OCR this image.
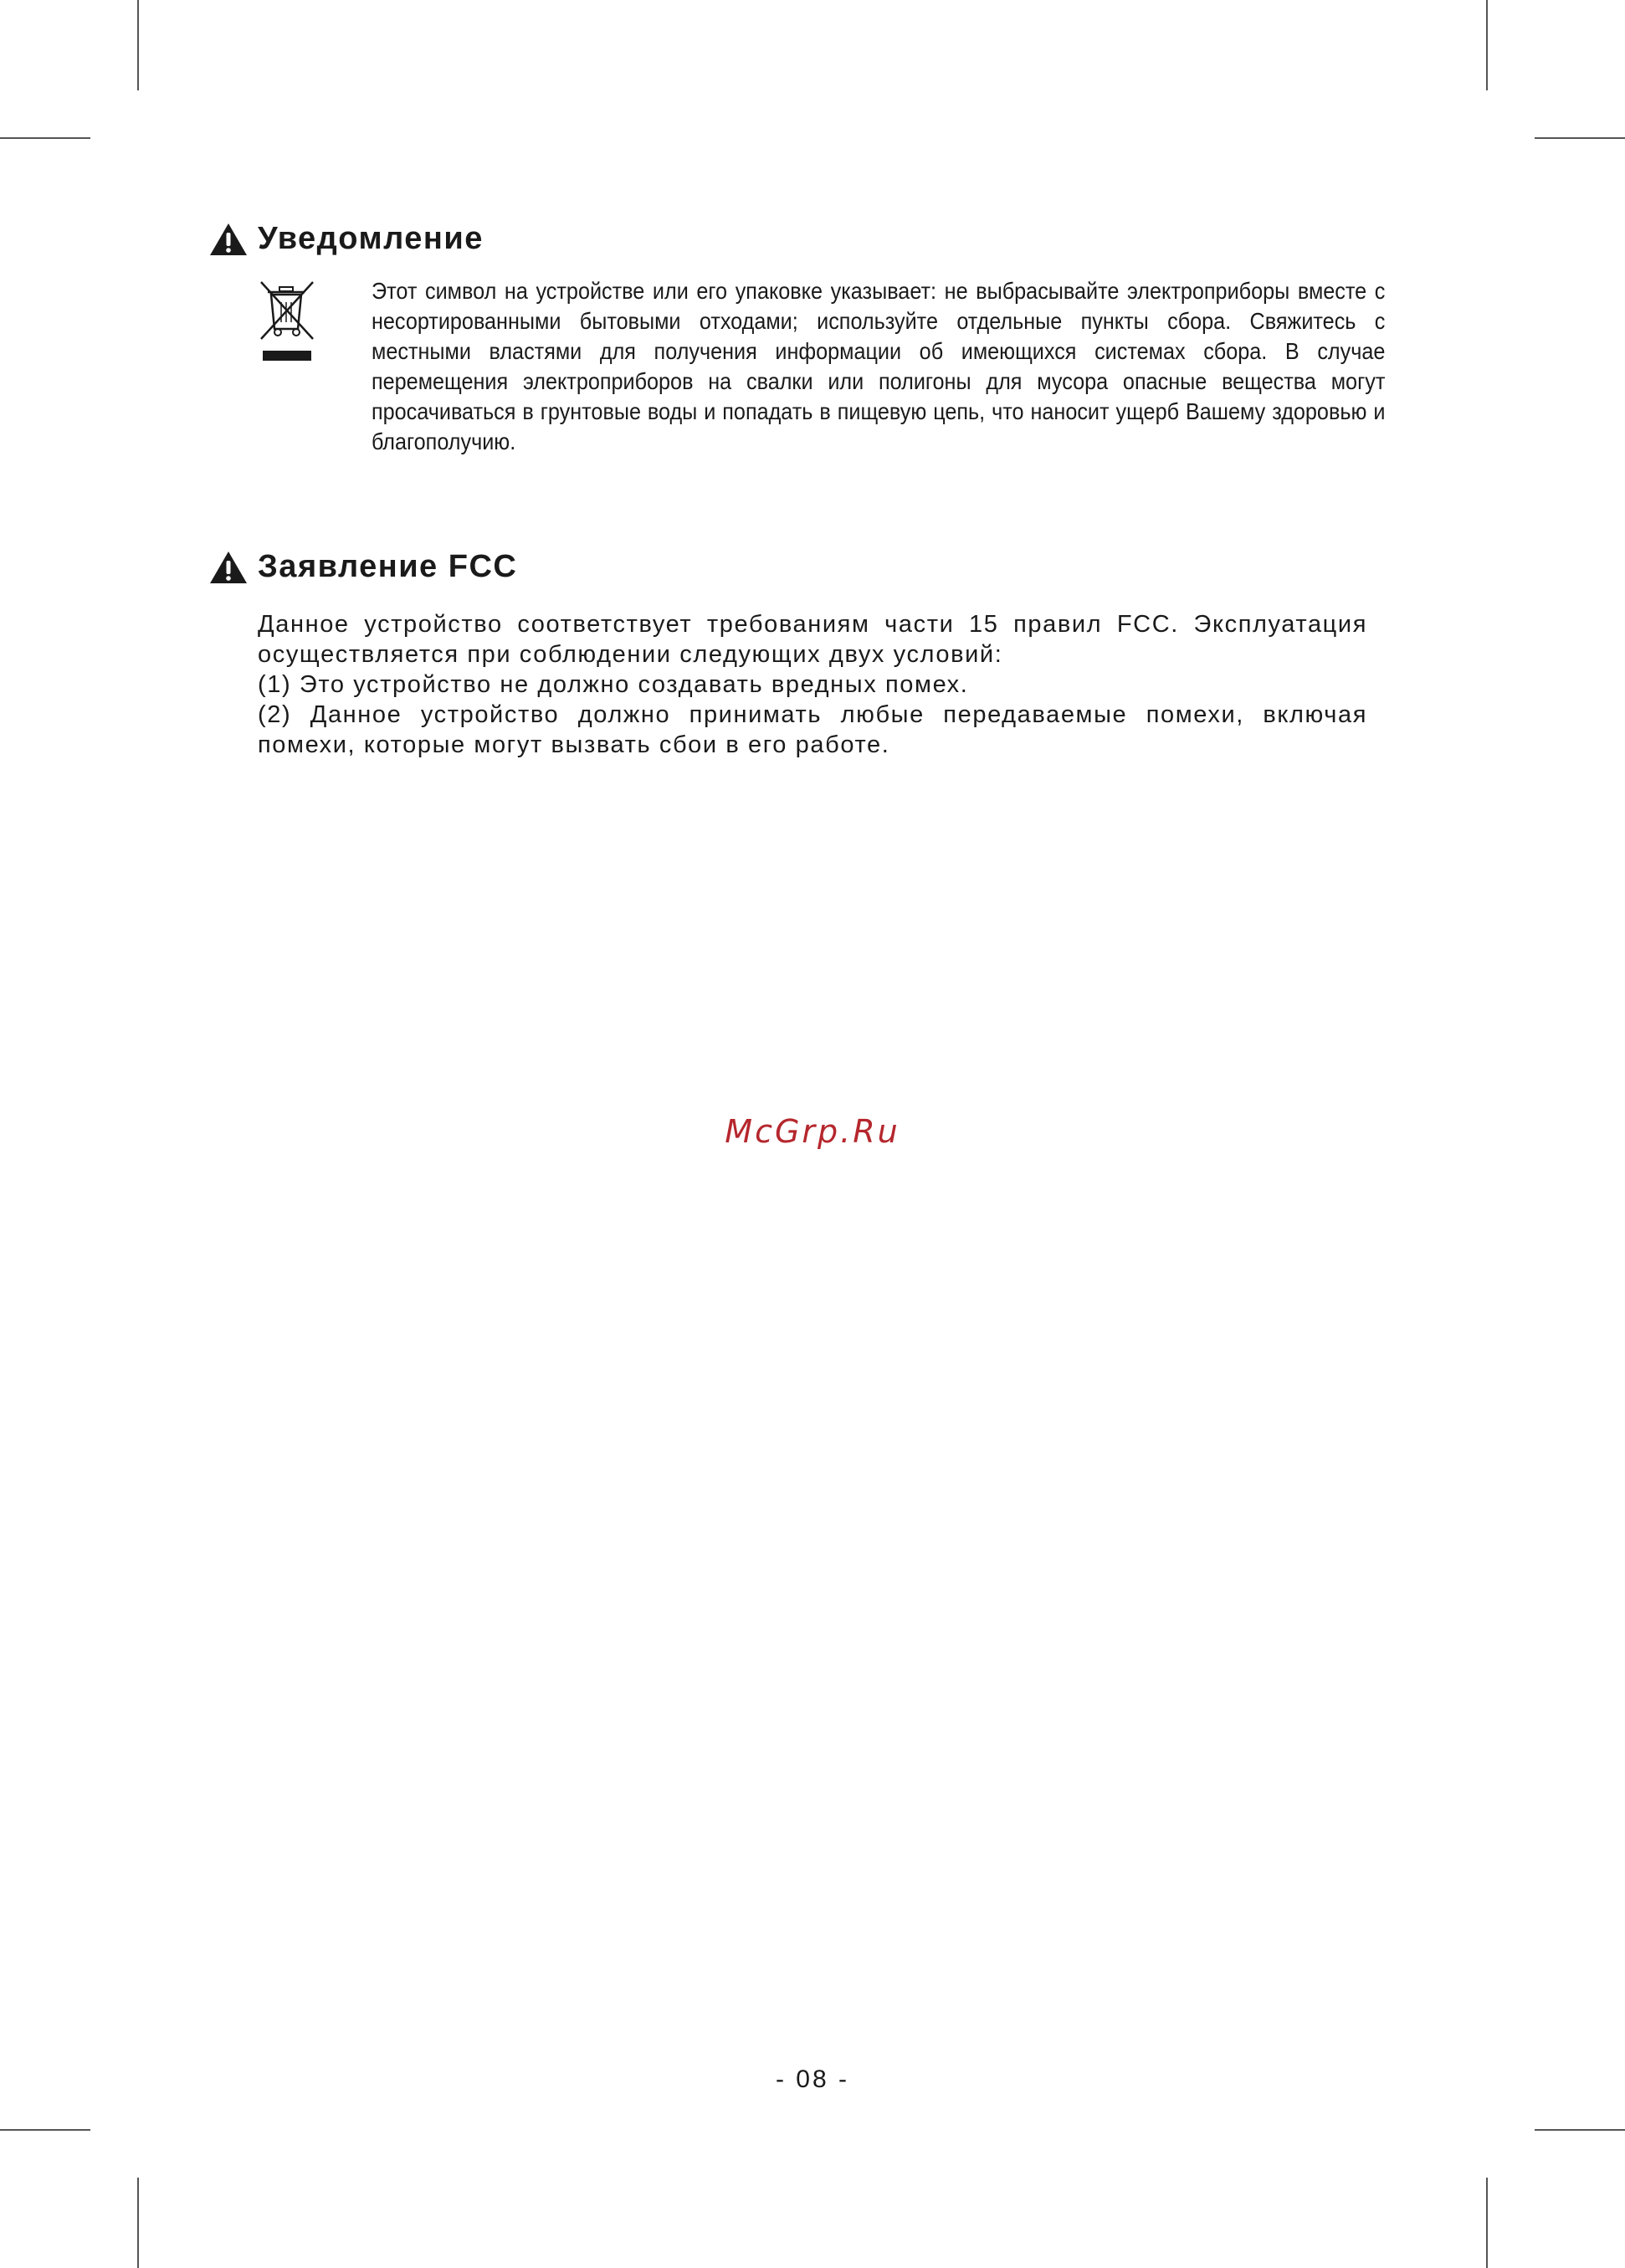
Уведомление
Этот символ на устройстве или его упаковке указывает: не выбрасывайте электроприборы вместе с несортированными бытовыми отходами; используйте отдельные пункты сбора. Свяжитесь с местными властями для получения информации об имеющихся системах сбора. В случае перемещения электроприборов на свалки или полигоны для мусора опасные вещества могут просачиваться в грунтовые воды и попадать в пищевую цепь, что наносит ущерб Вашему здоровью и благополучию.
Заявление FCC

Данное устройство соответствует требованиям части 15 правил FCC. Эксплуатация осуществляется при соблюдении следующих двух условий:

(1) Это устройство не должно создавать вредных помех.

(2) Данное устройство должно принимать любые передаваемые помехи, включая помехи, которые могут вызвать сбои в его работе.

McGrp.Ru
- 08 -
